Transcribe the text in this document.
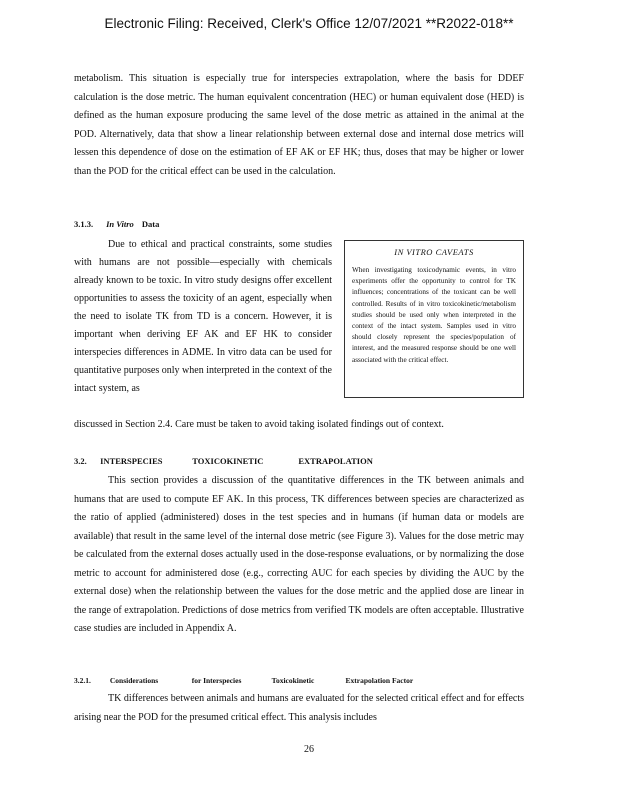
Electronic Filing: Received, Clerk's Office 12/07/2021 **R2022-018**

metabolism. This situation is especially true for interspecies extrapolation, where the basis for DDEF calculation is the dose metric. The human equivalent concentration (HEC) or human equivalent dose (HED) is defined as the human exposure producing the same level of the dose metric as attained in the animal at the POD. Alternatively, data that show a linear relationship between external dose and internal dose metrics will lessen this dependence of dose on the estimation of EF AK or EF HK; thus, doses that may be higher or lower than the POD for the critical effect can be used in the calculation.

3.1.3. In Vitro Data

Due to ethical and practical constraints, some studies with humans are not possible—especially with chemicals already known to be toxic. In vitro study designs offer excellent opportunities to assess the toxicity of an agent, especially when the need to isolate TK from TD is a concern. However, it is important when deriving EF AK and EF HK to consider interspecies differences in ADME. In vitro data can be used for quantitative purposes only when interpreted in the context of the intact system, as

IN VITRO CAVEATS
When investigating toxicodynamic events, in vitro experiments offer the opportunity to control for TK influences; concentrations of the toxicant can be well controlled. Results of in vitro toxicokinetic/metabolism studies should be used only when interpreted in the context of the intact system. Samples used in vitro should closely represent the species/population of interest, and the measured response should be one well associated with the critical effect.

discussed in Section 2.4. Care must be taken to avoid taking isolated findings out of context.

3.2. INTERSPECIES	TOXICOKINETIC	EXTRAPOLATION

This section provides a discussion of the quantitative differences in the TK between animals and humans that are used to compute EF AK. In this process, TK differences between species are characterized as the ratio of applied (administered) doses in the test species and in humans (if human data or models are available) that result in the same level of the internal dose metric (see Figure 3). Values for the dose metric may be calculated from the external doses actually used in the dose-response evaluations, or by normalizing the dose metric to account for administered dose (e.g., correcting AUC for each species by dividing the AUC by the external dose) when the relationship between the values for the dose metric and the applied dose are linear in the range of extrapolation. Predictions of dose metrics from verified TK models are often acceptable. Illustrative case studies are included in Appendix A.

3.2.1.	Considerations	for Interspecies	Toxicokinetic	Extrapolation Factor

TK differences between animals and humans are evaluated for the selected critical effect and for effects arising near the POD for the presumed critical effect. This analysis includes

26
